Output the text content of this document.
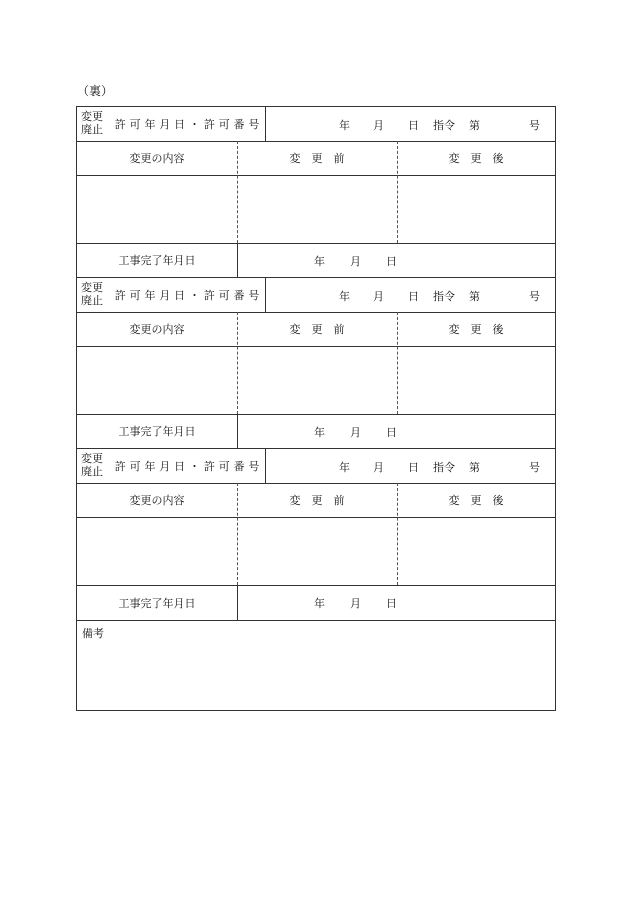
（裏）
変更
廃止 許可年月日・許可番号	年 月 日 指令 第	号
変更の内容	変　更　前	変　更　後
工事完了年月日	年 月 日
変更
廃止 許可年月日・許可番号	年 月 日 指令 第	号
変更の内容	変　更　前	変　更　後
工事完了年月日	年 月 日
変更
廃止 許可年月日・許可番号	年 月 日 指令 第	号
変更の内容	変　更　前	変　更　後
工事完了年月日	年 月 日
備考
